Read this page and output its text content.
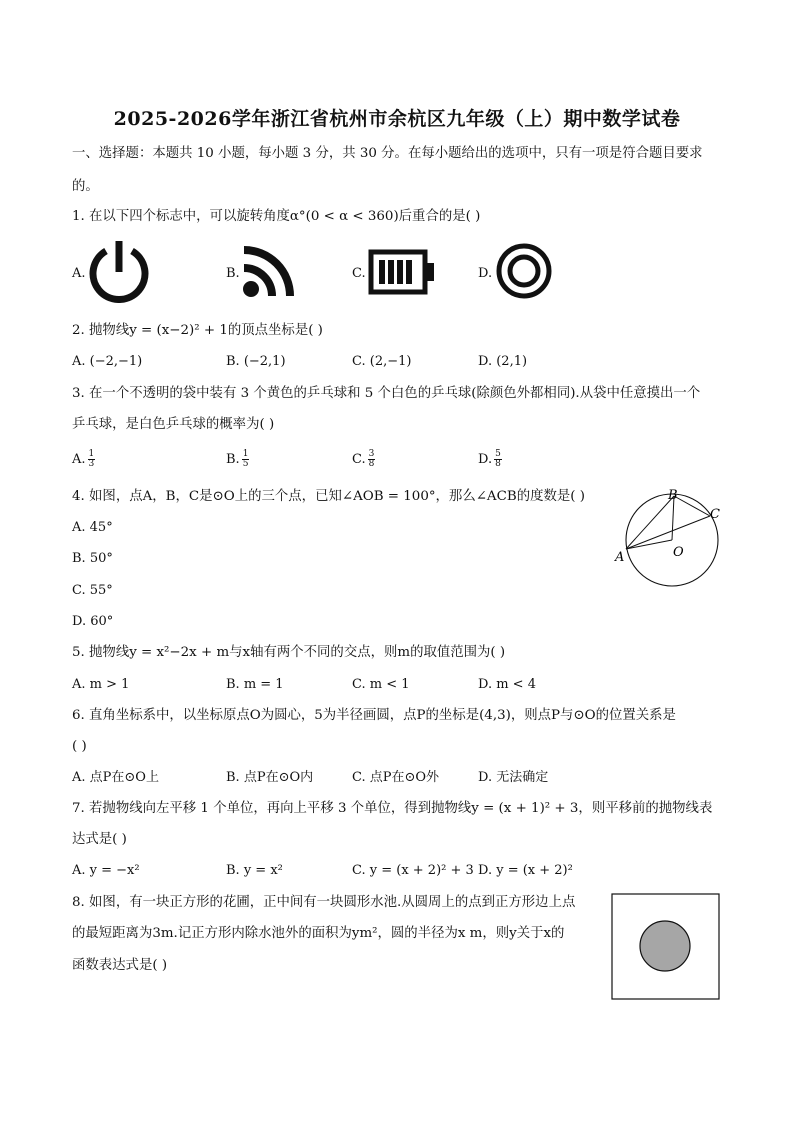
2025-2026学年浙江省杭州市余杭区九年级（上）期中数学试卷
一、选择题：本题共 10 小题，每小题 3 分，共 30 分。在每小题给出的选项中，只有一项是符合题目要求
的。
1. 在以下四个标志中，可以旋转角度α°(0 < α < 360)后重合的是( )
A.	B.	C.	D.
2. 抛物线y = (x−2)² + 1的顶点坐标是( )
A. (−2,−1)	B. (−2,1)	C. (2,−1)	D. (2,1)
3. 在一个不透明的袋中装有 3 个黄色的乒乓球和 5 个白色的乒乓球(除颜色外都相同).从袋中任意摸出一个
乒乓球，是白色乒乓球的概率为( )
A. $\frac{1}{3}$	B. $\frac{1}{5}$	C. $\frac{3}{8}$	D. $\frac{5}{8}$
4. 如图，点A，B，C是⊙O上的三个点，已知∠AOB = 100°，那么∠ACB的度数是( )
A. 45°
B. 50°
C. 55°
D. 60°
A
B
C
O
5. 抛物线y = x²−2x + m与x轴有两个不同的交点，则m的取值范围为( )
A. m > 1	B. m = 1	C. m < 1	D. m < 4
6. 直角坐标系中，以坐标原点O为圆心，5为半径画圆，点P的坐标是(4,3)，则点P与⊙O的位置关系是
( )
A. 点P在⊙O上	B. 点P在⊙O内	C. 点P在⊙O外	D. 无法确定
7. 若抛物线向左平移 1 个单位，再向上平移 3 个单位，得到抛物线y = (x + 1)² + 3，则平移前的抛物线表
达式是( )
A. y = −x²	B. y = x²	C. y = (x + 2)² + 3 D. y = (x + 2)²
8. 如图，有一块正方形的花圃，正中间有一块圆形水池.从圆周上的点到正方形边上点
的最短距离为3m.记正方形内除水池外的面积为ym²，圆的半径为x m，则y关于x的
函数表达式是( )
